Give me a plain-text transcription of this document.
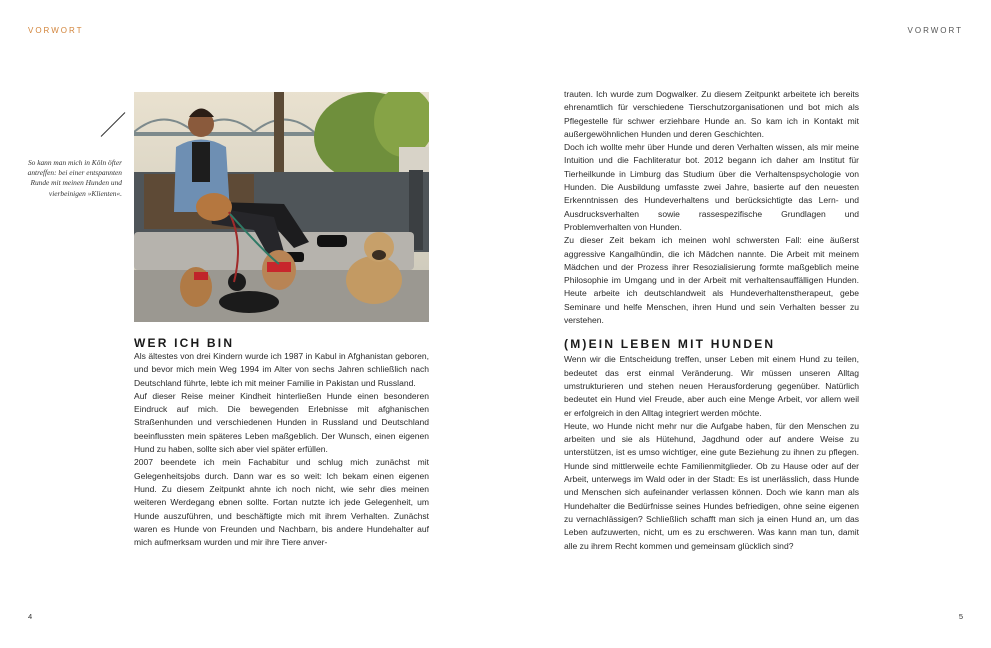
VORWORT
4
So kann man mich in Köln öfter antreffen: bei einer entspannten Runde mit meinen Hunden und vierbeinigen »Klienten«.
WER ICH BIN

Als ältestes von drei Kindern wurde ich 1987 in Kabul in Afghanistan geboren, und bevor mich mein Weg 1994 im Alter von sechs Jahren schließlich nach Deutschland führte, lebte ich mit meiner Familie in Pakistan und Russland.

Auf dieser Reise meiner Kindheit hinterließen Hunde einen besonderen Eindruck auf mich. Die bewegenden Erlebnisse mit afghanischen Straßenhunden und verschiedenen Hunden in Russland und Deutschland beeinflussten mein späteres Leben maßgeblich. Der Wunsch, einen eigenen Hund zu haben, sollte sich aber viel später erfüllen.

2007 beendete ich mein Fachabitur und schlug mich zunächst mit Gelegenheitsjobs durch. Dann war es so weit: Ich bekam einen eigenen Hund. Zu diesem Zeitpunkt ahnte ich noch nicht, wie sehr dies meinen weiteren Werdegang ebnen sollte. Fortan nutzte ich jede Gelegenheit, um Hunde auszuführen, und beschäftigte mich mit ihrem Verhalten. Zunächst waren es Hunde von Freunden und Nachbarn, bis andere Hundehalter auf mich aufmerksam wurden und mir ihre Tiere anver-

VORWORT
5

trauten. Ich wurde zum Dogwalker. Zu diesem Zeitpunkt arbeitete ich bereits ehrenamtlich für verschiedene Tierschutzorganisationen und bot mich als Pflegestelle für schwer erziehbare Hunde an. So kam ich in Kontakt mit außergewöhnlichen Hunden und deren Geschichten.

Doch ich wollte mehr über Hunde und deren Verhalten wissen, als mir meine Intuition und die Fachliteratur bot. 2012 begann ich daher am Institut für Tierheilkunde in Limburg das Studium über die Verhaltenspsychologie von Hunden. Die Ausbildung umfasste zwei Jahre, basierte auf den neuesten Erkenntnissen des Hundeverhaltens und berücksichtigte das Lern- und Ausdrucksverhalten sowie rassespezifische Grundlagen und Problemverhalten von Hunden.

Zu dieser Zeit bekam ich meinen wohl schwersten Fall: eine äußerst aggressive Kangalhündin, die ich Mädchen nannte. Die Arbeit mit meinem Mädchen und der Prozess ihrer Resozialisierung formte maßgeblich meine Philosophie im Umgang und in der Arbeit mit verhaltensauffälligen Hunden. Heute arbeite ich deutschlandweit als Hundeverhaltenstherapeut, gebe Seminare und helfe Menschen, ihren Hund und sein Verhalten besser zu verstehen.

(M)EIN LEBEN MIT HUNDEN

Wenn wir die Entscheidung treffen, unser Leben mit einem Hund zu teilen, bedeutet das erst einmal Veränderung. Wir müssen unseren Alltag umstrukturieren und stehen neuen Herausforderung gegenüber. Natürlich bedeutet ein Hund viel Freude, aber auch eine Menge Arbeit, vor allem weil er erfolgreich in den Alltag integriert werden möchte.

Heute, wo Hunde nicht mehr nur die Aufgabe haben, für den Menschen zu arbeiten und sie als Hütehund, Jagdhund oder auf andere Weise zu unterstützen, ist es umso wichtiger, eine gute Beziehung zu ihnen zu pflegen. Hunde sind mittlerweile echte Familienmitglieder. Ob zu Hause oder auf der Arbeit, unterwegs im Wald oder in der Stadt: Es ist unerlässlich, dass Hunde und Menschen sich aufeinander verlassen können. Doch wie kann man als Hundehalter die Bedürfnisse seines Hundes befriedigen, ohne seine eigenen zu vernachlässigen? Schließlich schafft man sich ja einen Hund an, um das Leben aufzuwerten, nicht, um es zu erschweren. Was kann man tun, damit alle zu ihrem Recht kommen und gemeinsam glücklich sind?
